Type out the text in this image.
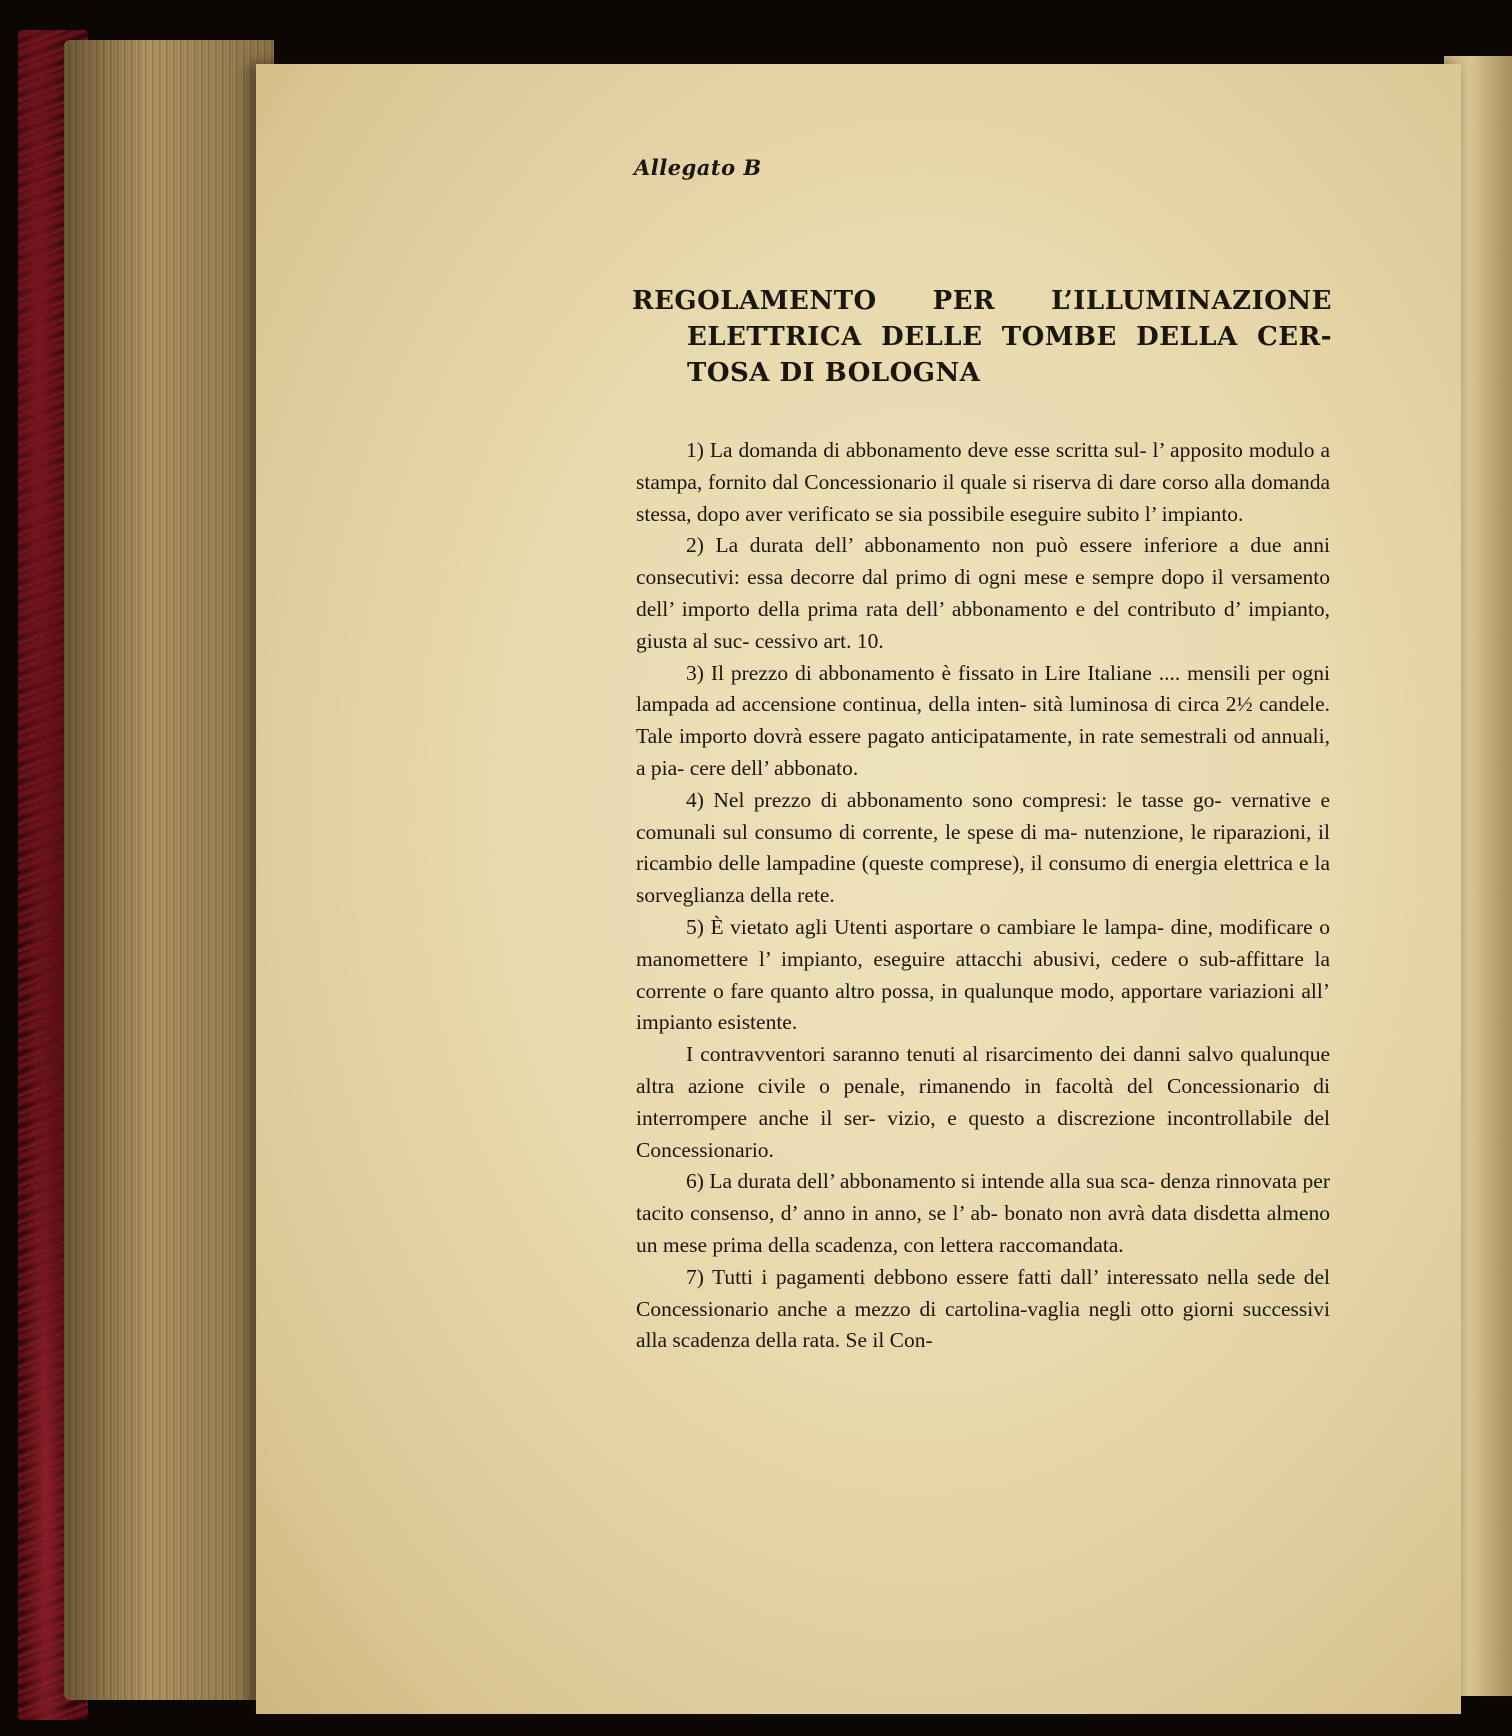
Allegato B
REGOLAMENTO PER L’ILLUMINAZIONE
ELETTRICA DELLE TOMBE DELLA CER-
TOSA DI BOLOGNA

1) La domanda di abbonamento deve esse scritta sul- l’ apposito modulo a stampa, fornito dal Concessionario il quale si riserva di dare corso alla domanda stessa, dopo aver verificato se sia possibile eseguire subito l’ impianto.

2) La durata dell’ abbonamento non può essere inferiore a due anni consecutivi: essa decorre dal primo di ogni mese e sempre dopo il versamento dell’ importo della prima rata dell’ abbonamento e del contributo d’ impianto, giusta al suc- cessivo art. 10.

3) Il prezzo di abbonamento è fissato in Lire Italiane .... mensili per ogni lampada ad accensione continua, della inten- sità luminosa di circa 2½ candele. Tale importo dovrà essere pagato anticipatamente, in rate semestrali od annuali, a pia- cere dell’ abbonato.

4) Nel prezzo di abbonamento sono compresi: le tasse go- vernative e comunali sul consumo di corrente, le spese di ma- nutenzione, le riparazioni, il ricambio delle lampadine (queste comprese), il consumo di energia elettrica e la sorveglianza della rete.

5) È vietato agli Utenti asportare o cambiare le lampa- dine, modificare o manomettere l’ impianto, eseguire attacchi abusivi, cedere o sub-affittare la corrente o fare quanto altro possa, in qualunque modo, apportare variazioni all’ impianto esistente.

I contravventori saranno tenuti al risarcimento dei danni salvo qualunque altra azione civile o penale, rimanendo in facoltà del Concessionario di interrompere anche il ser- vizio, e questo a discrezione incontrollabile del Concessionario.

6) La durata dell’ abbonamento si intende alla sua sca- denza rinnovata per tacito consenso, d’ anno in anno, se l’ ab- bonato non avrà data disdetta almeno un mese prima della scadenza, con lettera raccomandata.

7) Tutti i pagamenti debbono essere fatti dall’ interessato nella sede del Concessionario anche a mezzo di cartolina-vaglia negli otto giorni successivi alla scadenza della rata. Se il Con-
